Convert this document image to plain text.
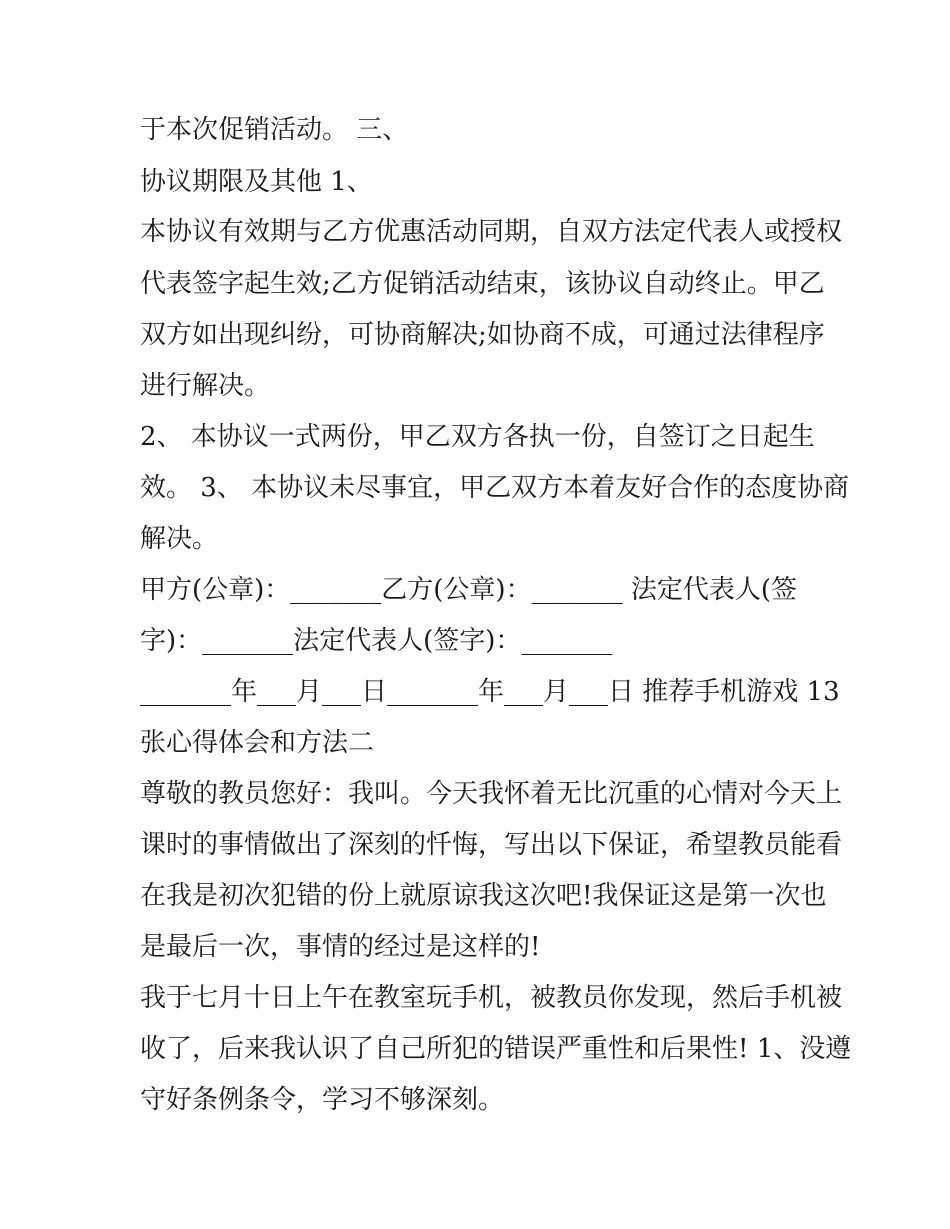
于本次促销活动。 三、
协议期限及其他 1、
本协议有效期与乙方优惠活动同期，自双方法定代表人或授权
代表签字起生效;乙方促销活动结束，该协议自动终止。甲乙
双方如出现纠纷，可协商解决;如协商不成，可通过法律程序
进行解决。
2、 本协议一式两份，甲乙双方各执一份，自签订之日起生
效。 3、 本协议未尽事宜，甲乙双方本着友好合作的态度协商
解决。
甲方(公章)：_______乙方(公章)：_______ 法定代表人(签
字)：_______法定代表人(签字)：_______
_______年___月___日_______年___月___日 推荐手机游戏 13
张心得体会和方法二
尊敬的教员您好：我叫。今天我怀着无比沉重的心情对今天上
课时的事情做出了深刻的忏悔，写出以下保证，希望教员能看
在我是初次犯错的份上就原谅我这次吧!我保证这是第一次也
是最后一次，事情的经过是这样的!
我于七月十日上午在教室玩手机，被教员你发现，然后手机被
收了，后来我认识了自己所犯的错误严重性和后果性! 1、没遵
守好条例条令，学习不够深刻。
